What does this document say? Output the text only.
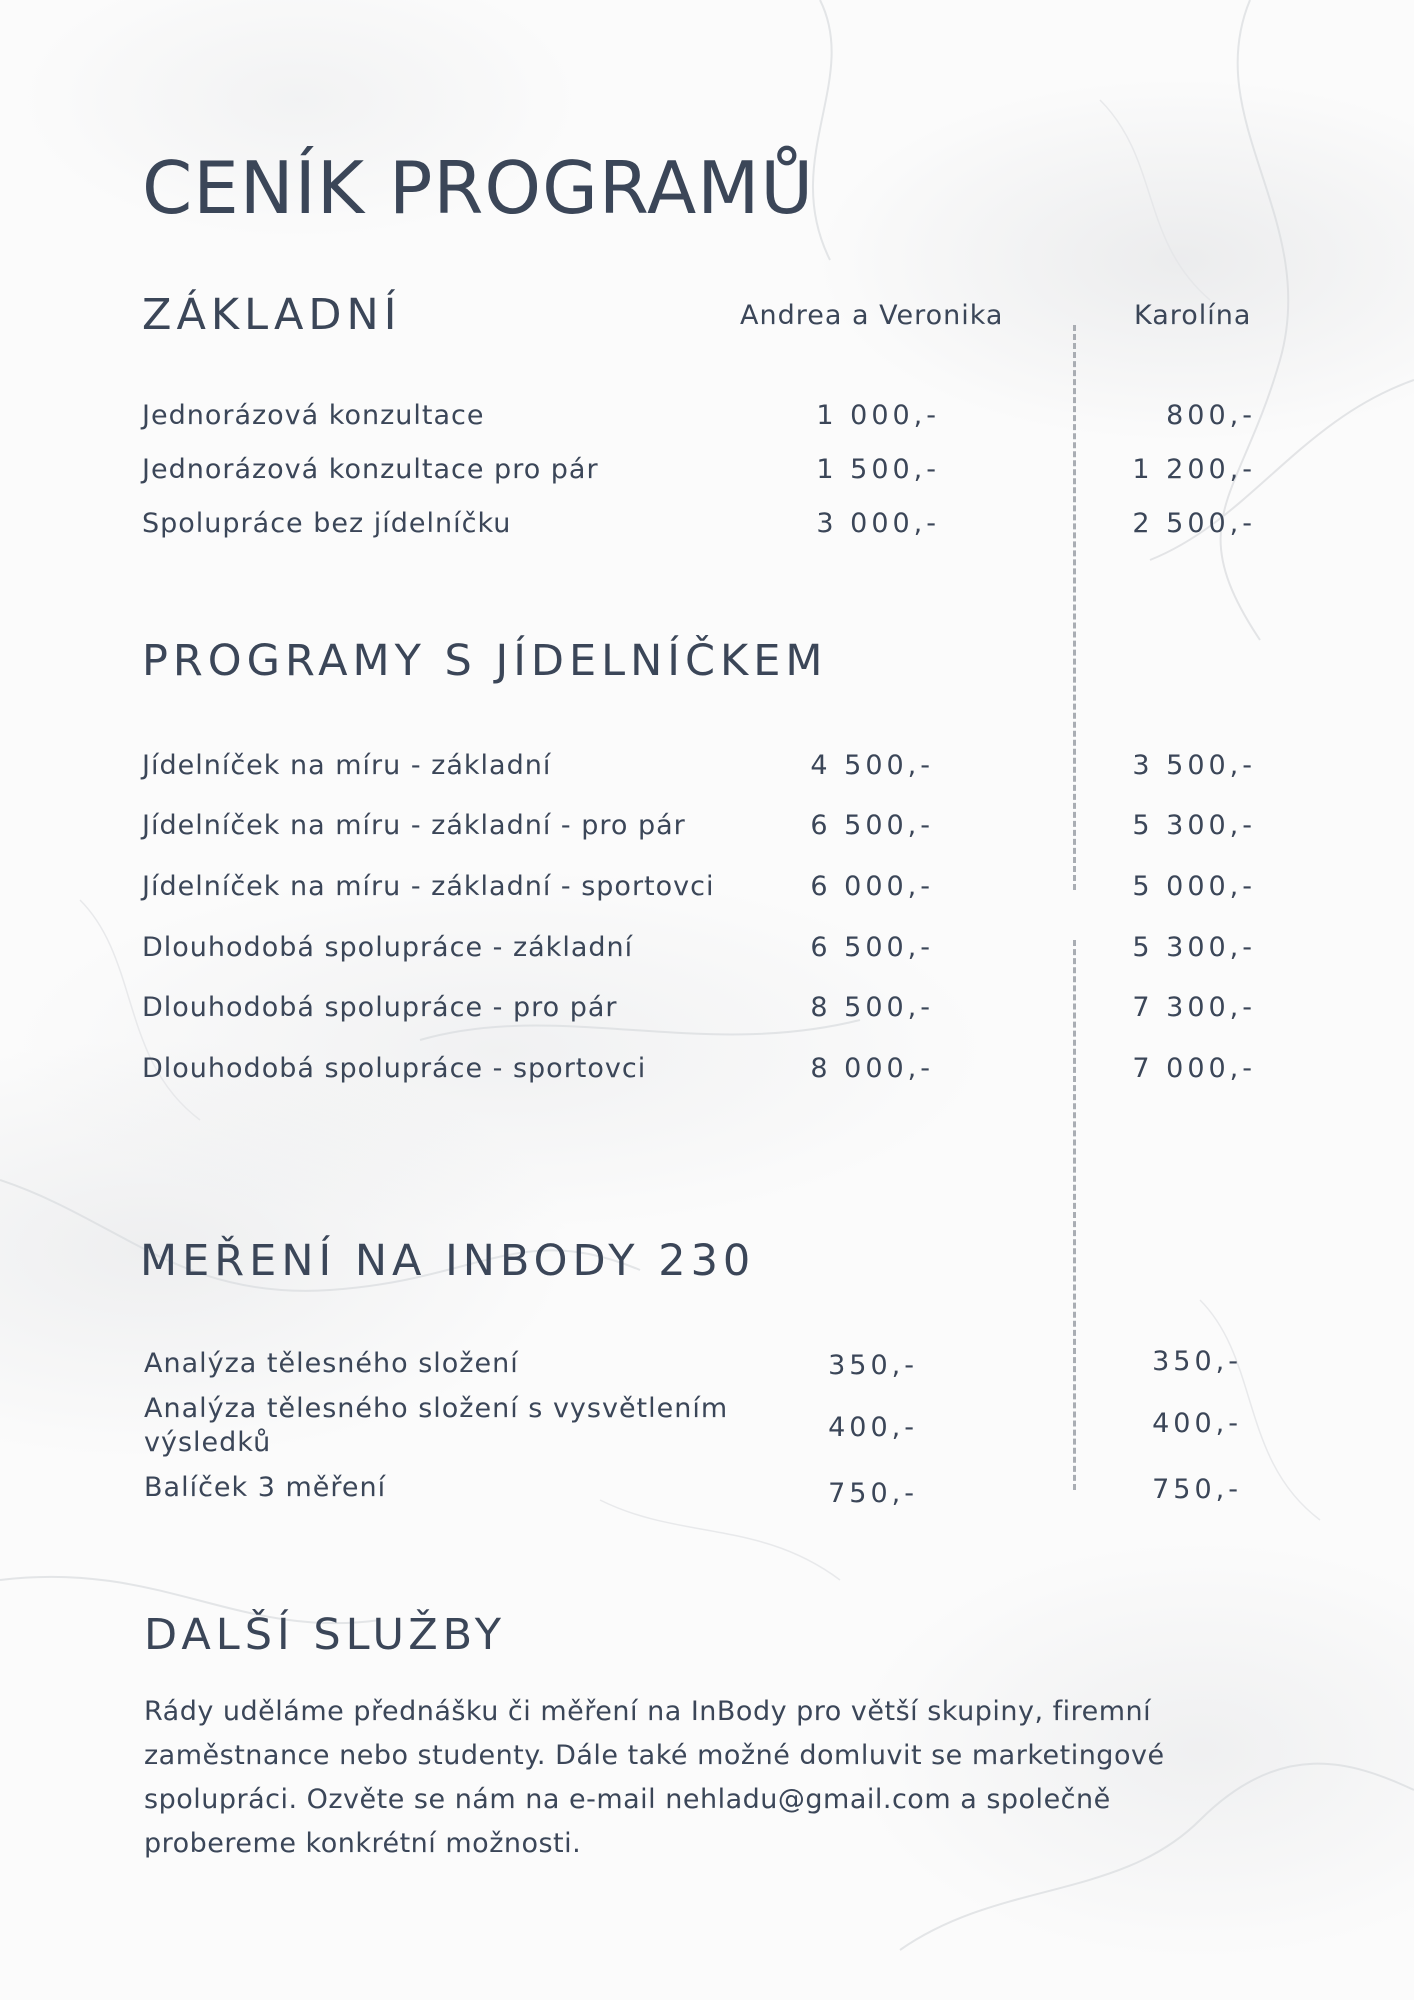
CENÍK PROGRAMŮ
ZÁKLADNÍ	Andrea a Veronika	Karolína
Jednorázová konzultace	1 000,-	800,-
Jednorázová konzultace pro pár	1 500,-	1 200,-
Spolupráce bez jídelníčku	3 000,-	2 500,-
PROGRAMY S JÍDELNÍČKEM
Jídelníček na míru - základní	4 500,-	3 500,-
Jídelníček na míru - základní - pro pár	6 500,-	5 300,-
Jídelníček na míru - základní - sportovci	6 000,-	5 000,-
Dlouhodobá spolupráce - základní	6 500,-	5 300,-
Dlouhodobá spolupráce - pro pár	8 500,-	7 300,-
Dlouhodobá spolupráce - sportovci	8 000,-	7 000,-
MEŘENÍ NA INBODY 230
Analýza tělesného složení	350,-	350,-
Analýza tělesného složení s vysvětlením
výsledků	400,-	400,-
Balíček 3 měření	750,-	750,-
DALŠÍ SLUŽBY

Rády uděláme přednášku či měření na InBody pro větší skupiny, firemní zaměstnance nebo studenty. Dále také možné domluvit se marketingové spolupráci. Ozvěte se nám na e-mail nehladu@gmail.com a společně probereme konkrétní možnosti.
